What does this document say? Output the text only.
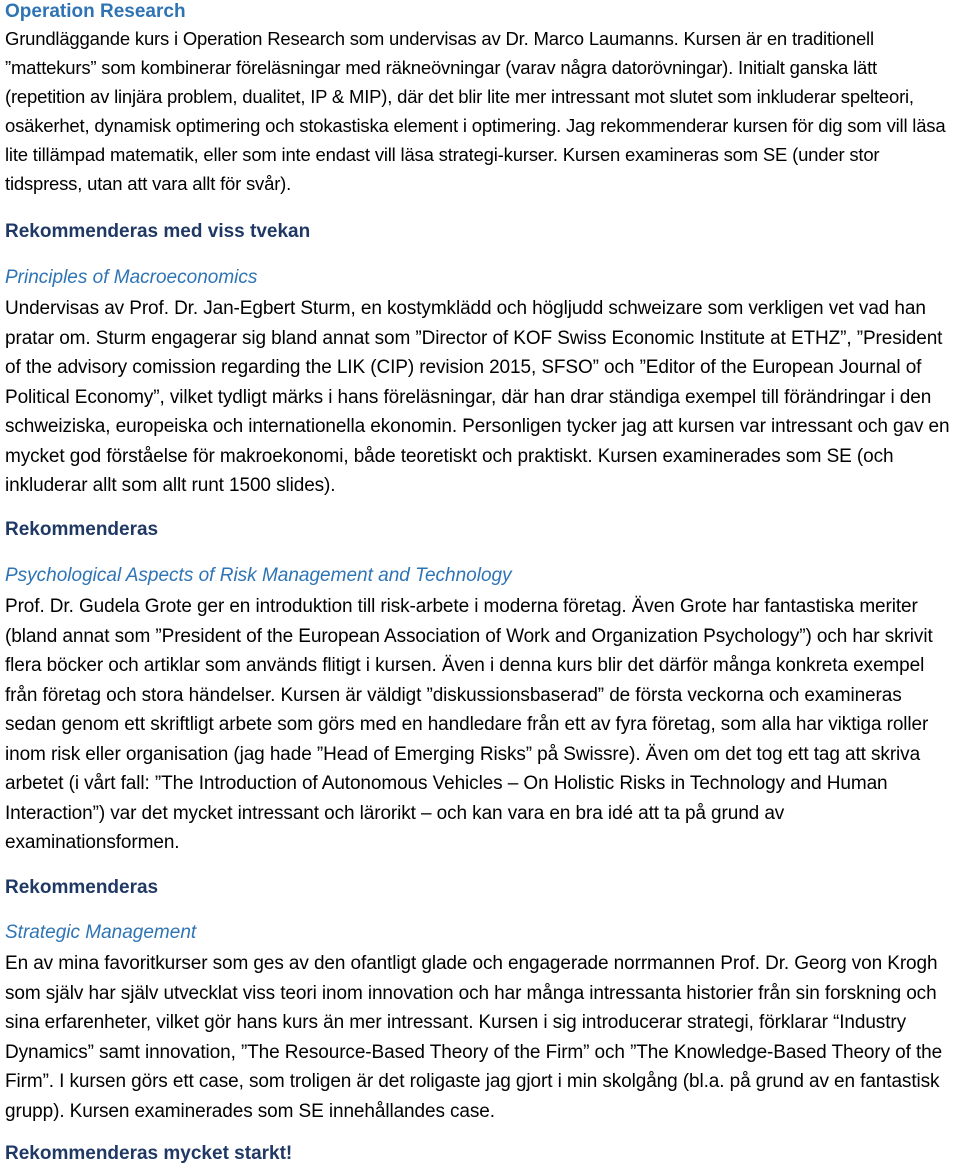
Operation Research

Grundläggande kurs i Operation Research som undervisas av Dr. Marco Laumanns. Kursen är en traditionell ”mattekurs” som kombinerar föreläsningar med räkneövningar (varav några datorövningar). Initialt ganska lätt (repetition av linjära problem, dualitet, IP & MIP), där det blir lite mer intressant mot slutet som inkluderar spelteori, osäkerhet, dynamisk optimering och stokastiska element i optimering. Jag rekommenderar kursen för dig som vill läsa lite tillämpad matematik, eller som inte endast vill läsa strategi-kurser. Kursen examineras som SE (under stor tidspress, utan att vara allt för svår).

Rekommenderas med viss tvekan

Principles of Macroeconomics

Undervisas av Prof. Dr. Jan-Egbert Sturm, en kostymklädd och högljudd schweizare som verkligen vet vad han pratar om. Sturm engagerar sig bland annat som ”Director of KOF Swiss Economic Institute at ETHZ”, ”President of the advisory comission regarding the LIK (CIP) revision 2015, SFSO” och ”Editor of the European Journal of Political Economy”, vilket tydligt märks i hans föreläsningar, där han drar ständiga exempel till förändringar i den schweiziska, europeiska och internationella ekonomin. Personligen tycker jag att kursen var intressant och gav en mycket god förståelse för makroekonomi, både teoretiskt och praktiskt. Kursen examinerades som SE (och inkluderar allt som allt runt 1500 slides).

Rekommenderas

Psychological Aspects of Risk Management and Technology

Prof. Dr. Gudela Grote ger en introduktion till risk-arbete i moderna företag. Även Grote har fantastiska meriter (bland annat som ”President of the European Association of Work and Organization Psychology”) och har skrivit flera böcker och artiklar som används flitigt i kursen. Även i denna kurs blir det därför många konkreta exempel från företag och stora händelser. Kursen är väldigt ”diskussionsbaserad” de första veckorna och examineras sedan genom ett skriftligt arbete som görs med en handledare från ett av fyra företag, som alla har viktiga roller inom risk eller organisation (jag hade ”Head of Emerging Risks” på Swissre). Även om det tog ett tag att skriva arbetet (i vårt fall: ”The Introduction of Autonomous Vehicles – On Holistic Risks in Technology and Human Interaction”) var det mycket intressant och lärorikt – och kan vara en bra idé att ta på grund av examinationsformen.

Rekommenderas

Strategic Management

En av mina favoritkurser som ges av den ofantligt glade och engagerade norrmannen Prof. Dr. Georg von Krogh som själv har själv utvecklat viss teori inom innovation och har många intressanta historier från sin forskning och sina erfarenheter, vilket gör hans kurs än mer intressant. Kursen i sig introducerar strategi, förklarar “Industry Dynamics” samt innovation, ”The Resource-Based Theory of the Firm” och ”The Knowledge-Based Theory of the Firm”. I kursen görs ett case, som troligen är det roligaste jag gjort i min skolgång (bl.a. på grund av en fantastisk grupp). Kursen examinerades som SE innehållandes case.

Rekommenderas mycket starkt!
